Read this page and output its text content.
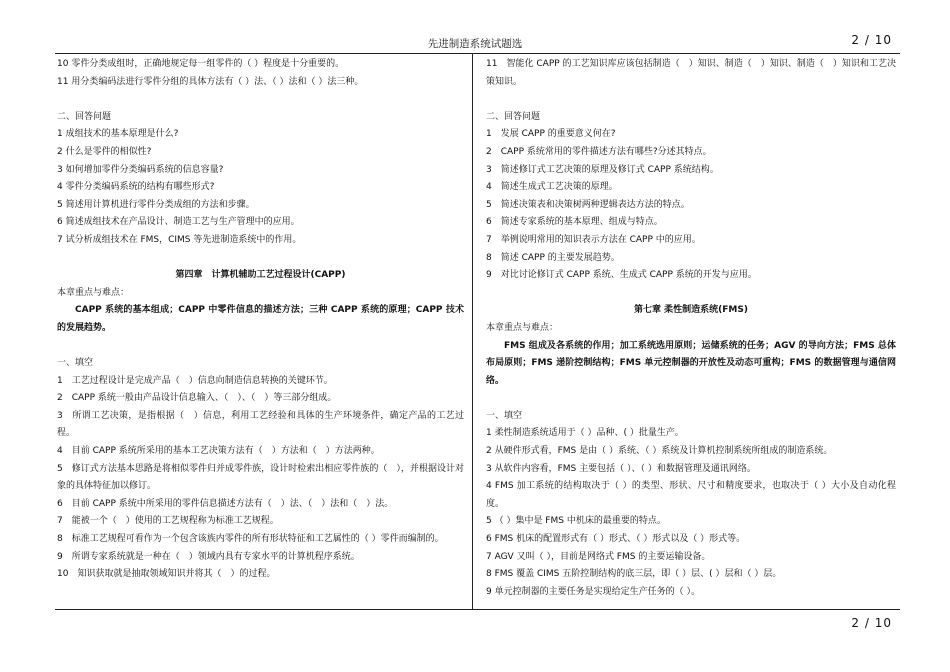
先进制造系统试题选	2 / 10

10 零件分类成组时，正确地规定每一组零件的（ ）程度是十分重要的。

11 用分类编码法进行零件分组的具体方法有（ ）法、（ ）法和（ ）法三种。

二、回答问题

1 成组技术的基本原理是什么?

2 什么是零件的相似性?

3 如何增加零件分类编码系统的信息容量?

4 零件分类编码系统的结构有哪些形式?

5 简述用计算机进行零件分类成组的方法和步骤。

6 简述成组技术在产品设计、制造工艺与生产管理中的应用。

7 试分析成组技术在 FMS，CIMS 等先进制造系统中的作用。

第四章　计算机辅助工艺过程设计(CAPP)

本章重点与难点：

CAPP 系统的基本组成；CAPP 中零件信息的描述方法；三种 CAPP 系统的原理；CAPP 技术的发展趋势。

一、填空

1　工艺过程设计是完成产品（　）信息向制造信息转换的关键环节。

2　CAPP 系统一般由产品设计信息输入、（　）、（　）等三部分组成。

3　所谓工艺决策，是指根据（　）信息，利用工艺经验和具体的生产环境条件，确定产品的工艺过程。

4　目前 CAPP 系统所采用的基本工艺决策方法有（　）方法和（　）方法两种。

5　修订式方法基本思路是将相似零件归并成零件族，设计时检索出相应零件族的（　），并根据设计对象的具体特征加以修订。

6　目前 CAPP 系统中所采用的零件信息描述方法有（　）法、（　）法和（　）法。

7　能被一个（　）使用的工艺规程称为标准工艺规程。

8　标准工艺规程可看作为一个包含该族内零件的所有形状特征和工艺属性的（ ）零件而编制的。

9　所谓专家系统就是一种在（　）领域内具有专家水平的计算机程序系统。

10　知识获取就是抽取领域知识并将其（　）的过程。

11　智能化 CAPP 的工艺知识库应该包括制造（　）知识、制造（　）知识、制造（　）知识和工艺决策知识。

二、回答问题

1　发展 CAPP 的重要意义何在?

2　CAPP 系统常用的零件描述方法有哪些?分述其特点。

3　简述修订式工艺决策的原理及修订式 CAPP 系统结构。

4　简述生成式工艺决策的原理。

5　简述决策表和决策树两种逻辑表达方法的特点。

6　简述专家系统的基本原理、组成与特点。

7　举例说明常用的知识表示方法在 CAPP 中的应用。

8　简述 CAPP 的主要发展趋势。

9　对比讨论修订式 CAPP 系统、生成式 CAPP 系统的开发与应用。

第七章 柔性制造系统(FMS)

本章重点与难点：

FMS 组成及各系统的作用；加工系统选用原则；运储系统的任务；AGV 的导向方法；FMS 总体布局原则；FMS 递阶控制结构；FMS 单元控制器的开放性及动态可重构；FMS 的数据管理与通信网络。

一、填空

1 柔性制造系统适用于（ ）品种、( ）批量生产。

2 从硬件形式看，FMS 是由（ ）系统、（ ）系统及计算机控制系统所组成的制造系统。

3 从软件内容看，FMS 主要包括（ ）、（ ）和数据管理及通讯网络。

4 FMS 加工系统的结构取决于（ ）的类型、形状、尺寸和精度要求，也取决于（ ）大小及自动化程度。

5 （ ）集中是 FMS 中机床的最重要的特点。

6 FMS 机床的配置形式有（ ）形式、（ ）形式以及（ ）形式等。

7 AGV 又叫（ ），目前是网络式 FMS 的主要运输设备。

8 FMS 覆盖 CIMS 五阶控制结构的底三层，即（ ）层、( ）层和（ ）层。

9 单元控制器的主要任务是实现给定生产任务的（ ）。

2 / 10
